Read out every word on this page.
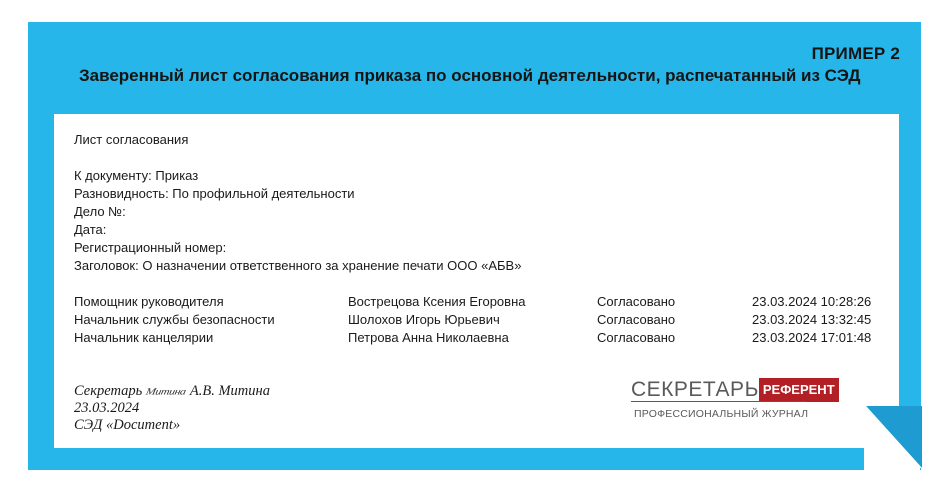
ПРИМЕР 2
Заверенный лист согласования приказа по основной деятельности, распечатанный из СЭД
Лист согласования
К документу: Приказ
Разновидность: По профильной деятельности
Дело №:
Дата:
Регистрационный номер:
Заголовок: О назначении ответственного за хранение печати ООО «АБВ»
Помощник руководителя	Вострецова Ксения Егоровна	Согласовано	23.03.2024 10:28:26
Начальник службы безопасности	Шолохов Игорь Юрьевич	Согласовано	23.03.2024 13:32:45
Начальник канцелярии	Петрова Анна Николаевна	Согласовано	23.03.2024 17:01:48
Секретарь Митина А.В. Митина
23.03.2024
СЭД «Document»
СЕКРЕТАРЬ РЕФЕРЕНТ
ПРОФЕССИОНАЛЬНЫЙ ЖУРНАЛ
